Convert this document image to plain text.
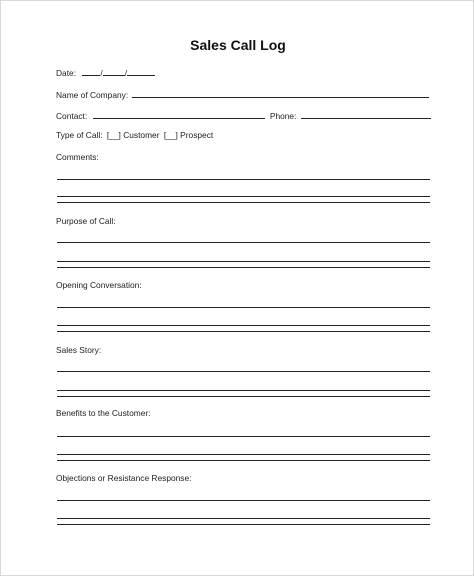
Sales Call Log
Date:	/	/
Name of Company:
Contact:	Phone:
Type of Call: [__] Customer [__] Prospect
Comments:
Purpose of Call:
Opening Conversation:
Sales Story:
Benefits to the Customer:
Objections or Resistance Response:
